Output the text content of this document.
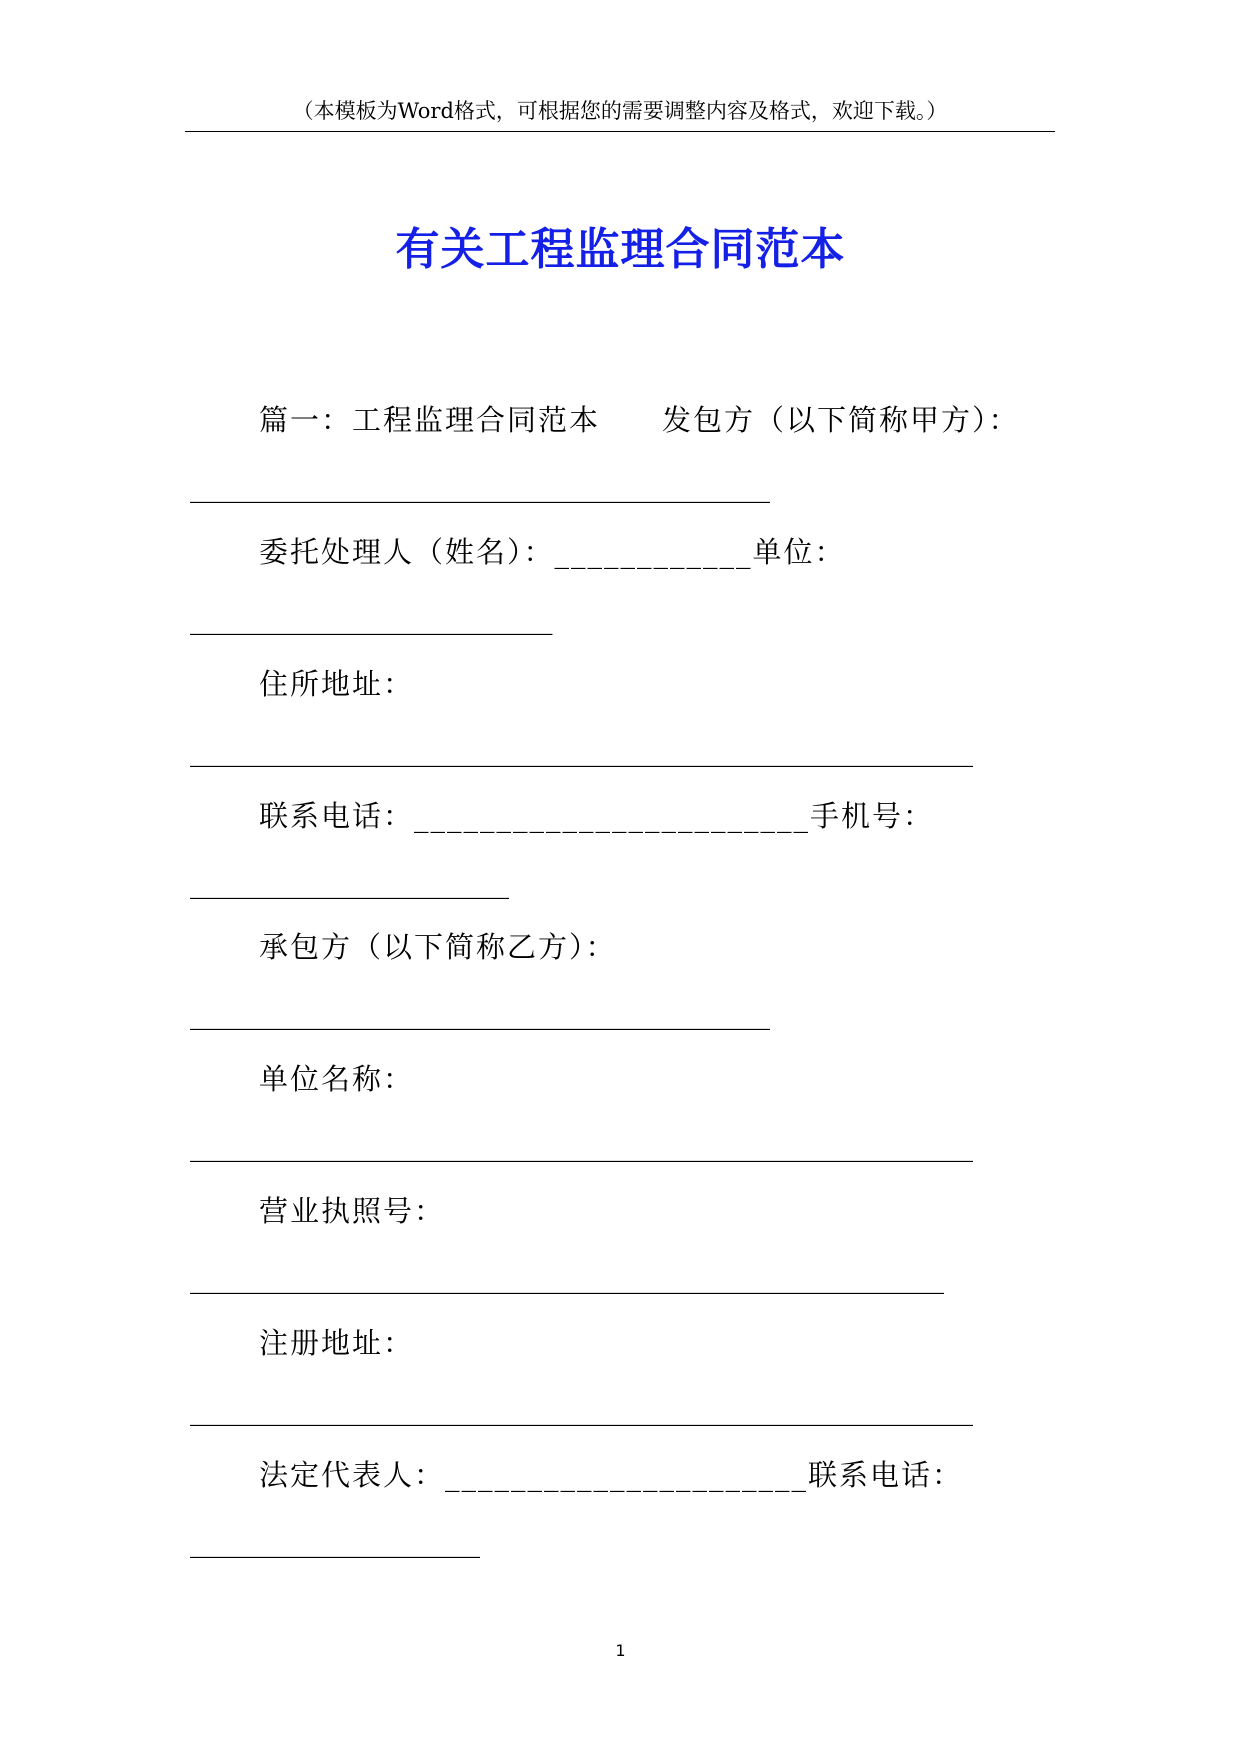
（本模板为Word格式，可根据您的需要调整内容及格式，欢迎下载。）
有关工程监理合同范本
篇一：工程监理合同范本　　发包方（以下简称甲方）：
________________________________________
委托处理人（姓名）：____________单位：
_________________________
住所地址：
______________________________________________________
联系电话：________________________手机号：
______________________
承包方（以下简称乙方）：
________________________________________
单位名称：
______________________________________________________
营业执照号：
____________________________________________________
注册地址：
______________________________________________________
法定代表人：______________________联系电话：
____________________
1
